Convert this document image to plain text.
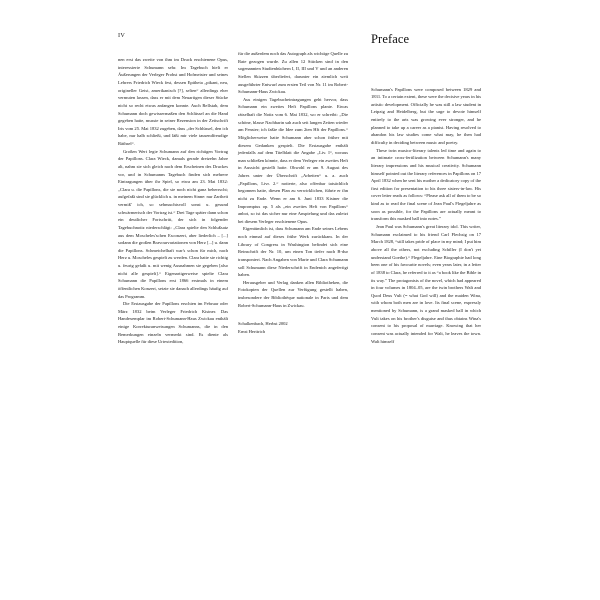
IV

nen erst das zweite von ihm im Druck erschienene Opus, interessierte Schumann sehr. Im Tagebuch hielt er Äußerungen der Verleger Probst und Hofmeister und seines Lehrers Friedrich Wieck fest, dessen Epitheta „pikant, neu, origineller Geist, amerikanisch [?], selten“ allerdings eher vermuten lassen, dass er mit dem Neuartigen dieser Stücke nicht so recht etwas anfangen konnte. Auch Rellstab, dem Schumann doch gewissermaßen den Schlüssel an die Hand gegeben hatte, musste in seiner Rezension in der Zeitschrift Iris vom 25. Mai 1832 zugeben, dass „der Schlüssel, den ich habe, nur halb schließt, und läßt mir viele tausendfreudige Räthsel“.

Großen Wert legte Schumann auf den richtigen Vortrag der Papillons. Clara Wieck, damals gerade dreizehn Jahre alt, nahm sie sich gleich nach dem Erscheinen des Druckes vor, und in Schumanns Tagebuch finden sich mehrere Eintragungen über ihr Spiel, so etwa am 23. Mai 1832: „Clara u. die Papillons, die sie noch nicht ganz beherrscht; aufgefaßt sind sie glücklich u. in meinem Sinne: nur Zartheit vermiß' ich, so sehnsuchtsvoll sonst u. gesund schwärmerisch der Vortrag ist.“ Drei Tage später dann schon ein deutlicher Fortschritt, der sich in folgender Tagebuchnotiz niederschlägt: „Clara spielte den Schlußsatz aus dem Moscheles'schen Esconzert, aber liederlich – [...] sodann die großen Bravourvariationen von Herz [...] u. dann die Papillons. Schmeichelhaft war's schon für mich, nach Herz u. Moscheles gespielt zu werden. Clara hatte sie richtig u. feurig gefaßt u. mit wenig Ausnahmen sie gegeben [also nicht alle gespielt].“ Eigenartigerweise spielte Clara Schumann die Papillons erst 1866 erstmals in einem öffentlichen Konzert, setzte sie danach allerdings häufig auf das Programm.

Die Erstausgabe der Papillons erschien im Februar oder März 1832 beim Verleger Friedrich Kistner. Das Handexemplar im Robert-Schumann-Haus Zwickau enthält einige Korrekturanweisungen Schumanns, die in den Bemerkungen einzeln vermerkt sind. Es diente als Hauptquelle für diese Urtextedition,

für die außerdem noch das Autograph als wichtige Quelle zu Rate gezogen wurde. Zu allen 12 Stücken sind in den sogenannten Studienbüchern I, II, III und V und an anderen Stellen Skizzen überliefert, darunter ein ziemlich weit ausgeführter Entwurf zum ersten Teil von Nr. 11 im Robert-Schumann-Haus Zwickau.

Aus einigen Tagebucheintragungen geht hervor, dass Schumann ein zweites Heft Papillons plante. Etwas rätselhaft die Notiz vom 6. Mai 1832, wo er schreibt: „Die schöne, blasse Nachbarin sah auch seit langen Zeiten wieder am Fenster; ich faßte die Idee zum 2ten Hft der Papillons.“ Möglicherweise hatte Schumann aber schon früher mit diesem Gedanken gespielt. Die Erstausgabe enthält jedenfalls auf dem Titelblatt die Angabe „Liv. I“, woraus man schließen könnte, dass er dem Verleger ein zweites Heft in Aussicht gestellt hatte. Obwohl er am 9. August des Jahres unter der Überschrift „Arbeiten“ u. a. auch „Papillons, Livr. 2.“ notierte, also offenbar tatsächlich begonnen hatte, diesen Plan zu verwirklichen, führte er ihn nicht zu Ende. Wenn er am 6. Juni 1833 Kistner die Impromptus op. 5 als „ein zweites Heft von Papillons“ anbot, so ist das sicher nur eine Anspielung und das zuletzt bei diesem Verleger erschienene Opus.

Eigentümlich ist, dass Schumann am Ende seines Lebens noch einmal auf dieses frühe Werk zurückkam. In der Library of Congress in Washington befindet sich eine Reinschrift der Nr. 10, um einen Ton tiefer nach B-dur transponiert. Nach Angaben von Marie und Clara Schumann soll Schumann diese Niederschrift in Endenich angefertigt haben.

Herausgeber und Verlag danken allen Bibliotheken, die Fotokopien der Quellen zur Verfügung gestellt haben, insbesondere der Bibliothèque nationale in Paris und dem Robert-Schumann-Haus in Zwickau.

Schalkenbach, Herbst 2002
Ernst Herttrich

Preface

Schumann's Papillons were composed between 1829 and 1831. To a certain extent, these were the decisive years in his artistic development. Officially he was still a law student in Leipzig and Heidelberg, but the urge to devote himself entirely to the arts was growing ever stronger, and he planned to take up a career as a pianist. Having resolved to abandon his law studies come what may, he then had difficulty in deciding between music and poetry.

These twin musico-literary talents led time and again to an intimate cross-fertilization between Schumann's many literary impressions and his musical creativity. Schumann himself pointed out the literary references in Papillons on 17 April 1832 when he sent his mother a dedicatory copy of the first edition for presentation to his three sisters-in-law. His cover letter reads as follows: “Please ask all of them to be so kind as to read the final scene of Jean Paul's Flegeljahre as soon as possible, for the Papillons are actually meant to transform this masked ball into notes.”

Jean Paul was Schumann's great literary idol. This writer, Schumann exclaimed to his friend Carl Flechsig on 17 March 1828, “still takes pride of place in my mind; I put him above all the others, not excluding Schiller (I don't yet understand Goethe).“ Flegeljahre. Eine Biographie had long been one of his favourite novels; even years later, in a letter of 1838 to Clara, he referred to it as “a book like the Bible in its way.” The protagonists of the novel, which had appeared in four volumes in 1804–05, are the twin brothers Walt and Quod Deus Vult (= what God will) and the maiden Wina, with whom both men are in love. Its final scene, expressly mentioned by Schumann, is a grand masked ball in which Vult takes on his brother's disguise and thus obtains Wina's consent to his proposal of marriage. Knowing that her consent was actually intended for Walt, he leaves the town. Walt himself
